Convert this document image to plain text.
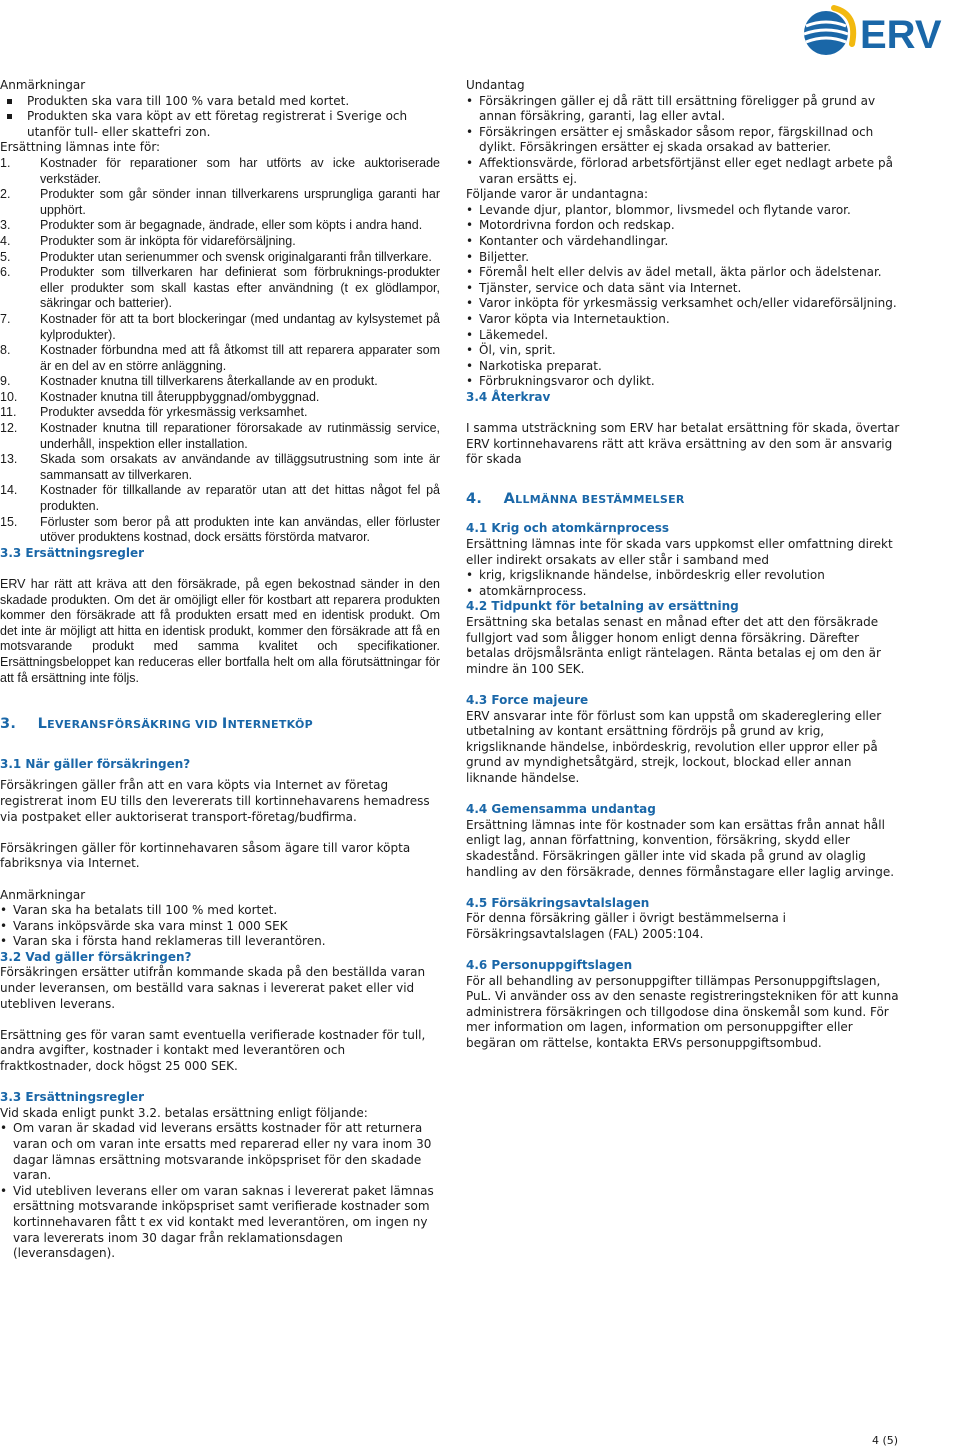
ERV

Anmärkningar

Produkten ska vara till 100 % vara betald med kortet.
Produkten ska vara köpt av ett företag registrerat i Sverige och utanför tull- eller skattefri zon.

Ersättning lämnas inte för:

1. Kostnader för reparationer som har utförts av icke auktoriserade verkstäder.
2. Produkter som går sönder innan tillverkarens ursprungliga garanti har upphört.
3. Produkter som är begagnade, ändrade, eller som köpts i andra hand.
4. Produkter som är inköpta för vidareförsäljning.
5. Produkter utan serienummer och svensk originalgaranti från tillverkare.
6. Produkter som tillverkaren har definierat som förbruknings-produkter eller produkter som skall kastas efter användning (t ex glödlampor, säkringar och batterier).
7. Kostnader för att ta bort blockeringar (med undantag av kylsystemet på kylprodukter).
8. Kostnader förbundna med att få åtkomst till att reparera apparater som är en del av en större anläggning.
9. Kostnader knutna till tillverkarens återkallande av en produkt.
10. Kostnader knutna till återuppbyggnad/ombyggnad.
11. Produkter avsedda för yrkesmässig verksamhet.
12. Kostnader knutna till reparationer förorsakade av rutinmässig service, underhåll, inspektion eller installation.
13. Skada som orsakats av användande av tilläggsutrustning som inte är sammansatt av tillverkaren.
14. Kostnader för tillkallande av reparatör utan att det hittas något fel på produkten.
15. Förluster som beror på att produkten inte kan användas, eller förluster utöver produktens kostnad, dock ersätts förstörda matvaror.

3.3 Ersättningsregler

ERV har rätt att kräva att den försäkrade, på egen bekostnad sänder in den skadade produkten. Om det är omöjligt eller för kostbart att reparera produkten kommer den försäkrade att få produkten ersatt med en identisk produkt. Om det inte är möjligt att hitta en identisk produkt, kommer den försäkrade att få en motsvarande produkt med samma kvalitet och specifikationer. Ersättningsbeloppet kan reduceras eller bortfalla helt om alla förutsättningar för att få ersättning inte följs.

3. LEVERANSFÖRSÄKRING VID INTERNETKÖP

3.1 När gäller försäkringen?

Försäkringen gäller från att en vara köpts via Internet av företag registrerat inom EU tills den levererats till kortinnehavarens hemadress via postpaket eller auktoriserat transport-företag/budfirma.

Försäkringen gäller för kortinnehavaren såsom ägare till varor köpta fabriksnya via Internet.

Anmärkningar

• Varan ska ha betalats till 100 % med kortet.
• Varans inköpsvärde ska vara minst 1 000 SEK
• Varan ska i första hand reklameras till leverantören.

3.2 Vad gäller försäkringen?

Försäkringen ersätter utifrån kommande skada på den beställda varan under leveransen, om beställd vara saknas i levererat paket eller vid utebliven leverans.

Ersättning ges för varan samt eventuella verifierade kostnader för tull, andra avgifter, kostnader i kontakt med leverantören och fraktkostnader, dock högst 25 000 SEK.

3.3 Ersättningsregler

Vid skada enligt punkt 3.2. betalas ersättning enligt följande:

• Om varan är skadad vid leverans ersätts kostnader för att returnera varan och om varan inte ersatts med reparerad eller ny vara inom 30 dagar lämnas ersättning motsvarande inköpspriset för den skadade varan.
• Vid utebliven leverans eller om varan saknas i levererat paket lämnas ersättning motsvarande inköpspriset samt verifierade kostnader som kortinnehavaren fått t ex vid kontakt med leverantören, om ingen ny vara levererats inom 30 dagar från reklamationsdagen (leveransdagen).

Undantag

• Försäkringen gäller ej då rätt till ersättning föreligger på grund av annan försäkring, garanti, lag eller avtal.
• Försäkringen ersätter ej småskador såsom repor, färgskillnad och dylikt. Försäkringen ersätter ej skada orsakad av batterier.
• Affektionsvärde, förlorad arbetsförtjänst eller eget nedlagt arbete på varan ersätts ej.

Följande varor är undantagna:

• Levande djur, plantor, blommor, livsmedel och flytande varor.
• Motordrivna fordon och redskap.
• Kontanter och värdehandlingar.
• Biljetter.
• Föremål helt eller delvis av ädel metall, äkta pärlor och ädelstenar.
• Tjänster, service och data sänt via Internet.
• Varor inköpta för yrkesmässig verksamhet och/eller vidareförsäljning.
• Varor köpta via Internetauktion.
• Läkemedel.
• Öl, vin, sprit.
• Narkotiska preparat.
• Förbrukningsvaror och dylikt.

3.4 Återkrav

I samma utsträckning som ERV har betalat ersättning för skada, övertar ERV kortinnehavarens rätt att kräva ersättning av den som är ansvarig för skada

4. ALLMÄNNA BESTÄMMELSER

4.1 Krig och atomkärnprocess

Ersättning lämnas inte för skada vars uppkomst eller omfattning direkt eller indirekt orsakats av eller står i samband med

• krig, krigsliknande händelse, inbördeskrig eller revolution
• atomkärnprocess.

4.2 Tidpunkt för betalning av ersättning

Ersättning ska betalas senast en månad efter det att den försäkrade fullgjort vad som åligger honom enligt denna försäkring. Därefter betalas dröjsmålsränta enligt räntelagen. Ränta betalas ej om den är mindre än 100 SEK.

4.3 Force majeure

ERV ansvarar inte för förlust som kan uppstå om skadereglering eller utbetalning av kontant ersättning fördröjs på grund av krig, krigsliknande händelse, inbördeskrig, revolution eller uppror eller på grund av myndighetsåtgärd, strejk, lockout, blockad eller annan liknande händelse.

4.4 Gemensamma undantag

Ersättning lämnas inte för kostnader som kan ersättas från annat håll enligt lag, annan författning, konvention, försäkring, skydd eller skadestånd. Försäkringen gäller inte vid skada på grund av olaglig handling av den försäkrade, dennes förmånstagare eller laglig arvinge.

4.5 Försäkringsavtalslagen

För denna försäkring gäller i övrigt bestämmelserna i Försäkringsavtalslagen (FAL) 2005:104.

4.6 Personuppgiftslagen

För all behandling av personuppgifter tillämpas Personuppgiftslagen, PuL. Vi använder oss av den senaste registreringstekniken för att kunna administrera försäkringen och tillgodose dina önskemål som kund. För mer information om lagen, information om personuppgifter eller begäran om rättelse, kontakta ERVs personuppgiftsombud.

4 (5)
